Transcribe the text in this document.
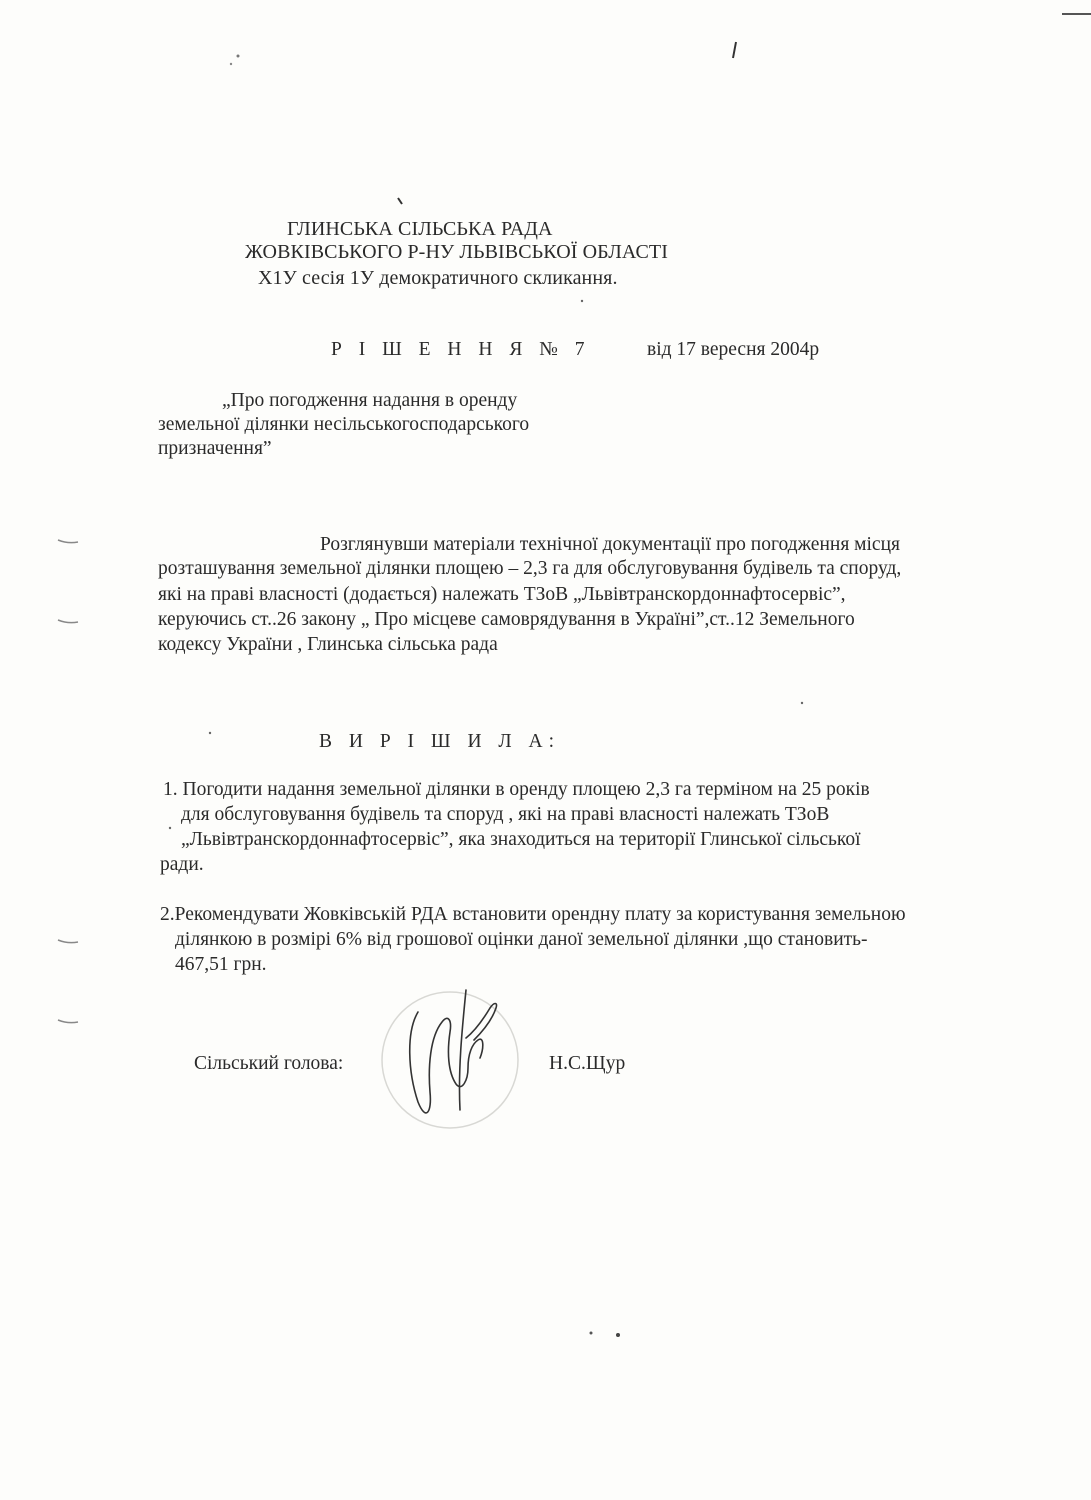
ГЛИНСЬКА СІЛЬСЬКА РАДА
ЖОВКІВСЬКОГО Р-НУ ЛЬВІВСЬКОЇ ОБЛАСТІ
Х1У сесія 1У демократичного скликання.
Р І Ш Е Н Н Я № 7	від 17 вересня 2004р
„Про погодження надання в оренду
земельної ділянки несільськогосподарського
призначення”
Розглянувши матеріали технічної документації про погодження місця
розташування земельної ділянки площею – 2,3 га для обслуговування будівель та споруд,
які на праві власності (додається) належать ТЗоВ „Львівтранскордоннафтосервіс”,
керуючись ст..26 закону „ Про місцеве самоврядування в Україні”,ст..12 Земельного
кодексу України , Глинська сільська рада
В И Р І Ш И Л А:
1. Погодити надання земельної ділянки в оренду площею 2,3 га терміном на 25 років
для обслуговування будівель та споруд , які на праві власності належать ТЗоВ
„Львівтранскордоннафтосервіс”, яка знаходиться на території Глинської сільської
ради.
2.Рекомендувати Жовківській РДА встановити орендну плату за користування земельною
ділянкою в розмірі 6% від грошової оцінки даної земельної ділянки ,що становить-
467,51 грн.
Сільський голова:	Н.С.Щур
